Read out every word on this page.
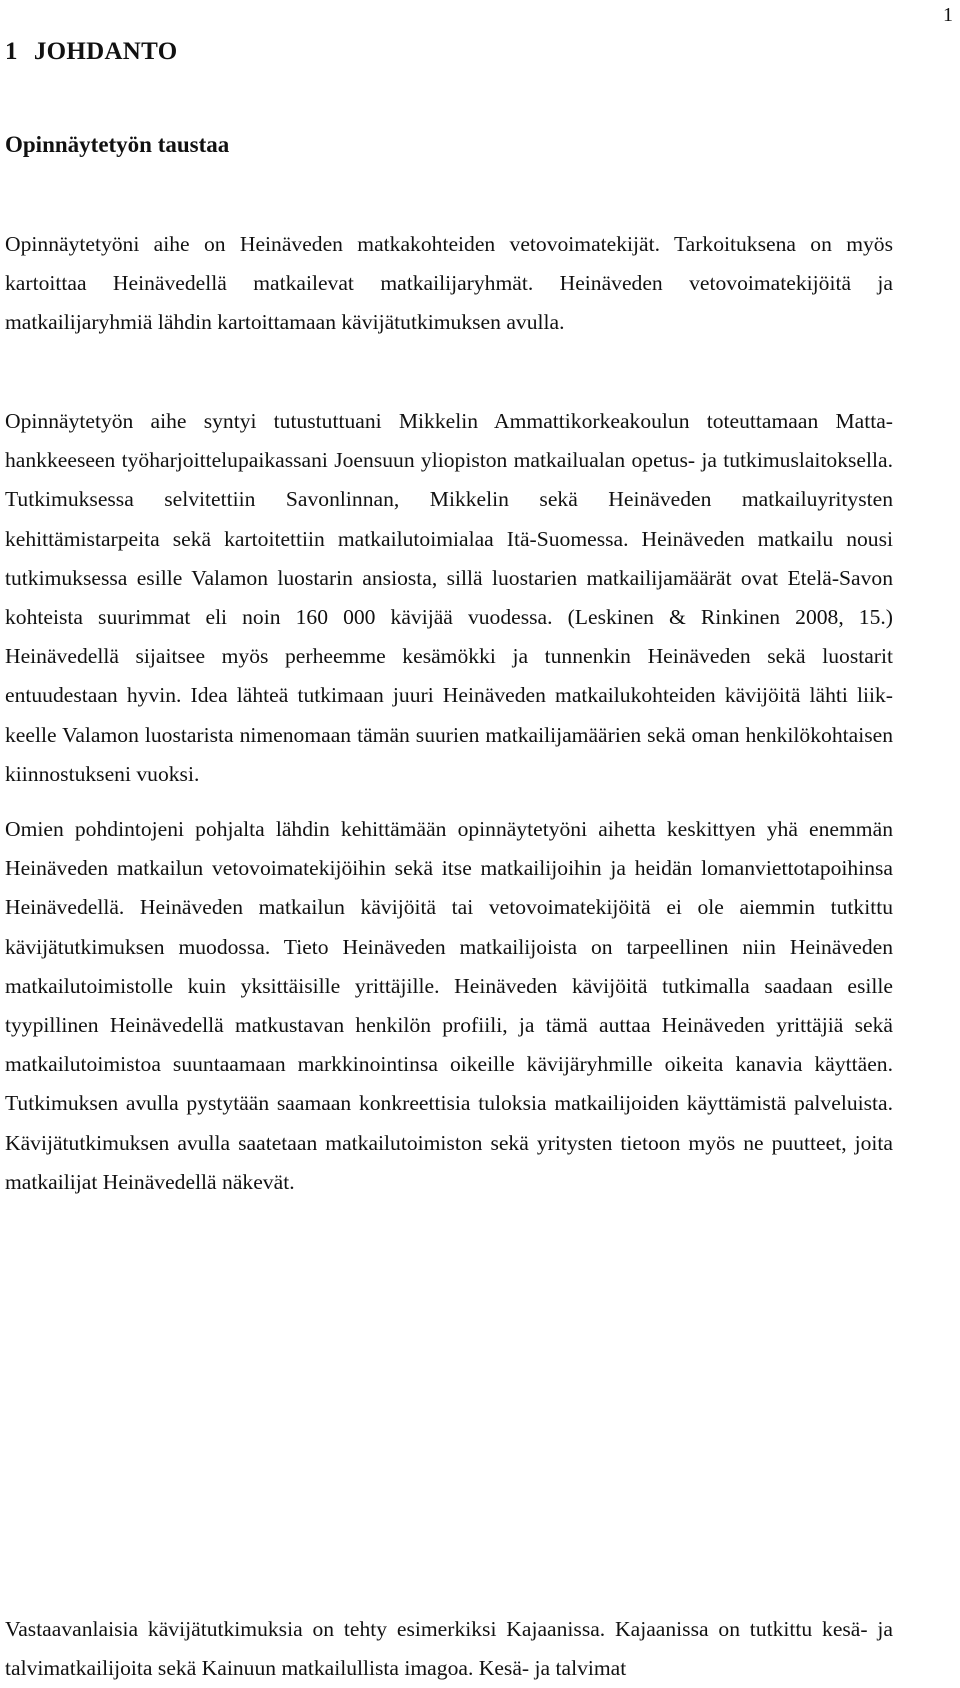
1
1 JOHDANTO
Opinnäytetyön taustaa

Opinnäytetyöni aihe on Heinäveden matkakohteiden vetovoimatekijät. Tarkoituksena on myös kartoittaa Heinävedellä matkailevat matkailijaryhmät. Heinäveden vetovoimatekijöitä ja matkailijaryhmiä lähdin kartoittamaan kävijätutkimuksen avulla.

Opinnäytetyön aihe syntyi tutustuttuani Mikkelin Ammattikorkeakoulun toteuttamaan Matta-hankkeeseen työharjoittelupaikassani Joensuun yliopiston matkailualan opetus- ja tutkimuslaitoksella. Tutkimuksessa selvitettiin Savonlinnan, Mikkelin sekä Heinäveden matkailuyritysten kehittämistarpeita sekä kartoitettiin matkailutoimialaa Itä-Suomessa. Heinäveden matkailu nousi tutkimuksessa esille Valamon luostarin ansiosta, sillä luostarien matkailijamäärät ovat Etelä-Savon kohteista suurimmat eli noin 160 000 kävijää vuodessa. (Leskinen & Rinkinen 2008, 15.) Heinävedellä sijaitsee myös perheemme kesämökki ja tunnenkin Heinäveden sekä luostarit entuudestaan hyvin. Idea lähteä tutkimaan juuri Heinäveden matkailukohteiden kävijöitä lähti liikkeelle Valamon luostarista nimenomaan tämän suurien matkailijamäärien sekä oman henkilökohtaisen kiinnostukseni vuoksi.

Omien pohdintojeni pohjalta lähdin kehittämään opinnäytetyöni aihetta keskittyen yhä enemmän Heinäveden matkailun vetovoimatekijöihin sekä itse matkailijoihin ja heidän lomanviettotapoihinsa Heinävedellä. Heinäveden matkailun kävijöitä tai vetovoimatekijöitä ei ole aiemmin tutkittu kävijätutkimuksen muodossa. Tieto Heinäveden matkailijoista on tarpeellinen niin Heinäveden matkailutoimistolle kuin yksittäisille yrittäjille. Heinäveden kävijöitä tutkimalla saadaan esille tyypillinen Heinävedellä matkustavan henkilön profiili, ja tämä auttaa Heinäveden yrittäjiä sekä matkailutoimistoa suuntaamaan markkinointinsa oikeille kävijäryhmille oikeita kanavia käyttäen. Tutkimuksen avulla pystytään saamaan konkreettisia tuloksia matkailijoiden käyttämistä palveluista. Kävijätutkimuksen avulla saatetaan matkailutoimiston sekä yritysten tietoon myös ne puutteet, joita matkailijat Heinävedellä näkevät.

Vastaavanlaisia kävijätutkimuksia on tehty esimerkiksi Kajaanissa. Kajaanissa on tutkittu kesä- ja talvimatkailijoita sekä Kainuun matkailullista imagoa. Kesä- ja talvimat
